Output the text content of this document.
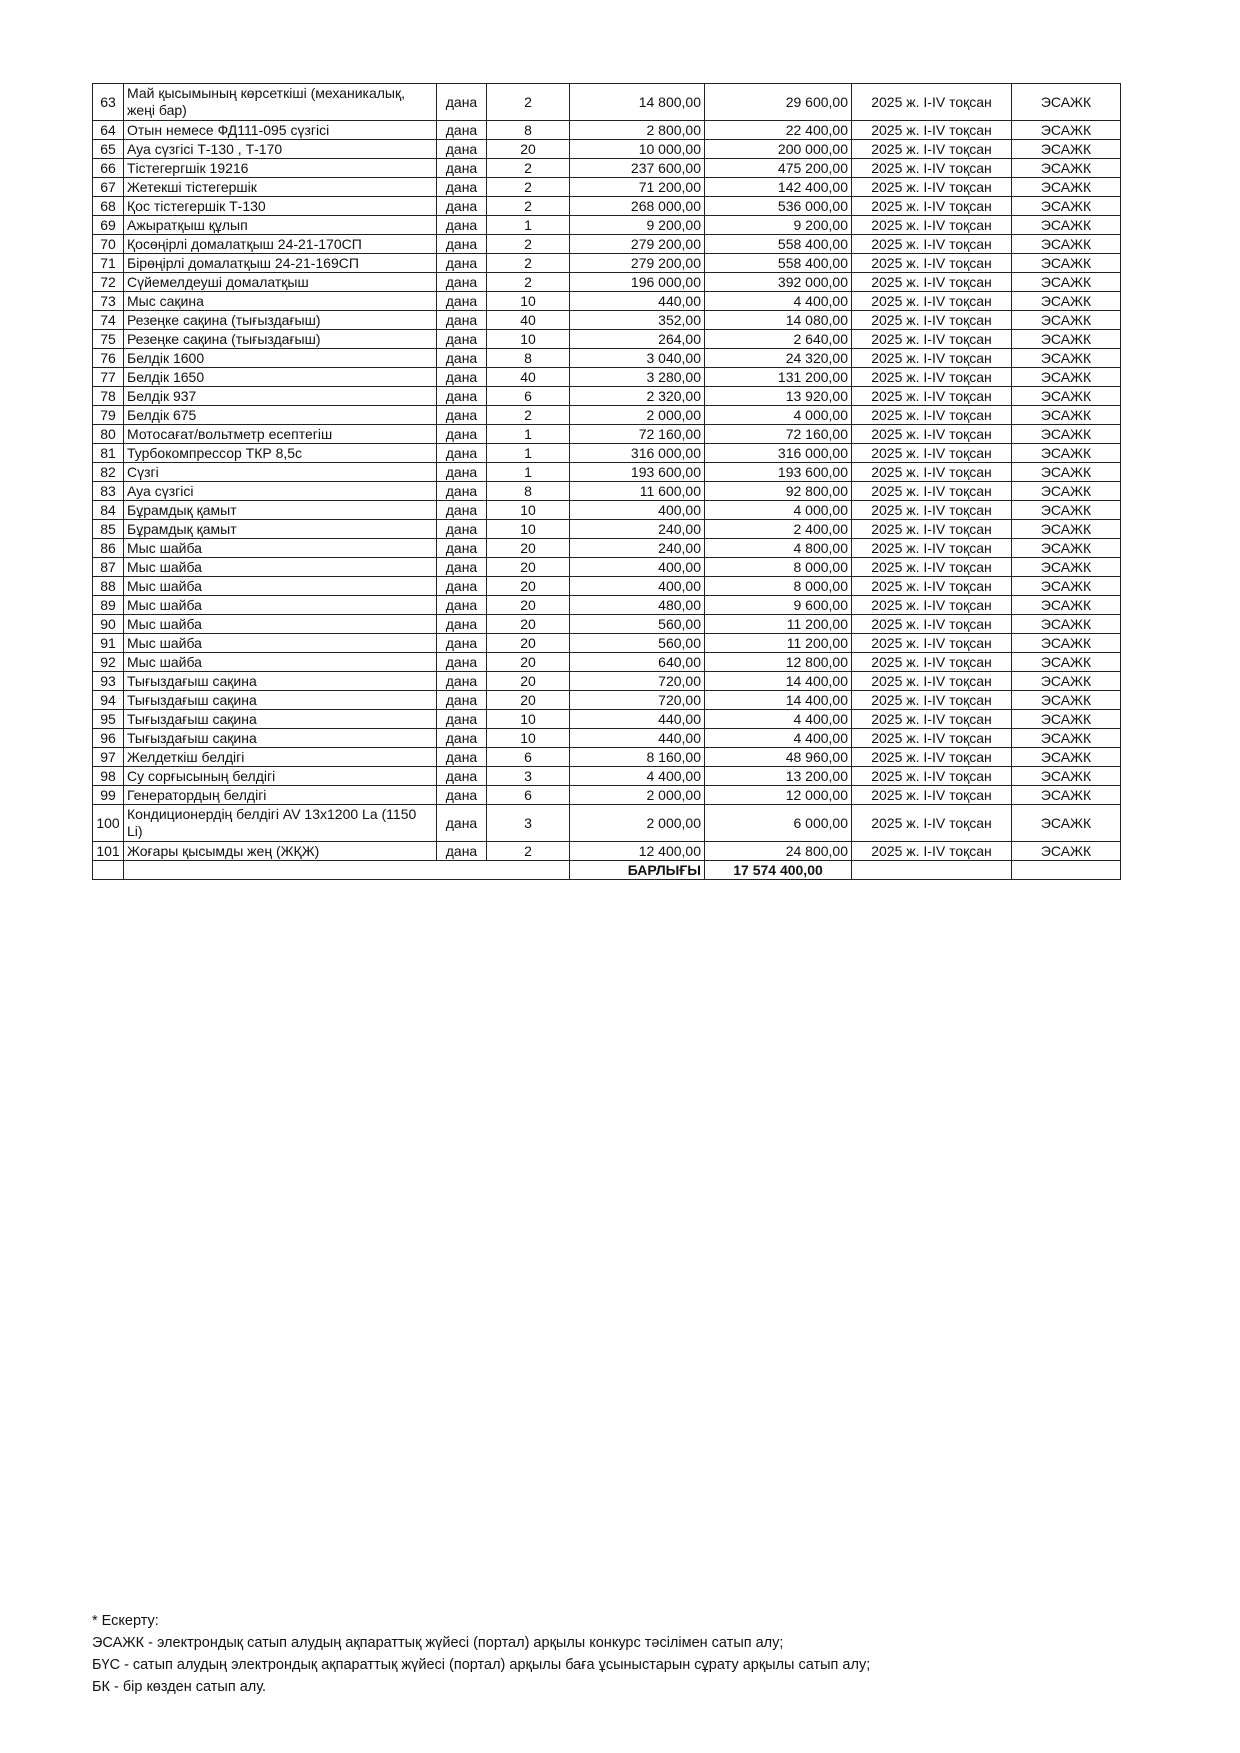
63	Май қысымының көрсеткіші (механикалық, жеңі бар)	дана	2	14 800,00	29 600,00	2025 ж. I-IV тоқсан	ЭСАЖК
64	Отын немесе ФД111-095 сүзгісі	дана	8	2 800,00	22 400,00	2025 ж. I-IV тоқсан	ЭСАЖК
65	Ауа сүзгісі Т-130 , Т-170	дана	20	10 000,00	200 000,00	2025 ж. I-IV тоқсан	ЭСАЖК
66	Тістегергшік 19216	дана	2	237 600,00	475 200,00	2025 ж. I-IV тоқсан	ЭСАЖК
67	Жетекші тістегершік	дана	2	71 200,00	142 400,00	2025 ж. I-IV тоқсан	ЭСАЖК
68	Қос тістегершік Т-130	дана	2	268 000,00	536 000,00	2025 ж. I-IV тоқсан	ЭСАЖК
69	Ажыратқыш құлып	дана	1	9 200,00	9 200,00	2025 ж. I-IV тоқсан	ЭСАЖК
70	Қосөңірлі домалатқыш 24-21-170СП	дана	2	279 200,00	558 400,00	2025 ж. I-IV тоқсан	ЭСАЖК
71	Бірөңірлі домалатқыш 24-21-169СП	дана	2	279 200,00	558 400,00	2025 ж. I-IV тоқсан	ЭСАЖК
72	Сүйемелдеуші домалатқыш	дана	2	196 000,00	392 000,00	2025 ж. I-IV тоқсан	ЭСАЖК
73	Мыс сақина	дана	10	440,00	4 400,00	2025 ж. I-IV тоқсан	ЭСАЖК
74	Резеңке сақина (тығыздағыш)	дана	40	352,00	14 080,00	2025 ж. I-IV тоқсан	ЭСАЖК
75	Резеңке сақина (тығыздағыш)	дана	10	264,00	2 640,00	2025 ж. I-IV тоқсан	ЭСАЖК
76	Белдік 1600	дана	8	3 040,00	24 320,00	2025 ж. I-IV тоқсан	ЭСАЖК
77	Белдік 1650	дана	40	3 280,00	131 200,00	2025 ж. I-IV тоқсан	ЭСАЖК
78	Белдік 937	дана	6	2 320,00	13 920,00	2025 ж. I-IV тоқсан	ЭСАЖК
79	Белдік 675	дана	2	2 000,00	4 000,00	2025 ж. I-IV тоқсан	ЭСАЖК
80	Мотосағат/вольтметр есептегіш	дана	1	72 160,00	72 160,00	2025 ж. I-IV тоқсан	ЭСАЖК
81	Турбокомпрессор ТКР 8,5с	дана	1	316 000,00	316 000,00	2025 ж. I-IV тоқсан	ЭСАЖК
82	Сүзгі	дана	1	193 600,00	193 600,00	2025 ж. I-IV тоқсан	ЭСАЖК
83	Ауа сүзгісі	дана	8	11 600,00	92 800,00	2025 ж. I-IV тоқсан	ЭСАЖК
84	Бұрамдық қамыт	дана	10	400,00	4 000,00	2025 ж. I-IV тоқсан	ЭСАЖК
85	Бұрамдық қамыт	дана	10	240,00	2 400,00	2025 ж. I-IV тоқсан	ЭСАЖК
86	Мыс шайба	дана	20	240,00	4 800,00	2025 ж. I-IV тоқсан	ЭСАЖК
87	Мыс шайба	дана	20	400,00	8 000,00	2025 ж. I-IV тоқсан	ЭСАЖК
88	Мыс шайба	дана	20	400,00	8 000,00	2025 ж. I-IV тоқсан	ЭСАЖК
89	Мыс шайба	дана	20	480,00	9 600,00	2025 ж. I-IV тоқсан	ЭСАЖК
90	Мыс шайба	дана	20	560,00	11 200,00	2025 ж. I-IV тоқсан	ЭСАЖК
91	Мыс шайба	дана	20	560,00	11 200,00	2025 ж. I-IV тоқсан	ЭСАЖК
92	Мыс шайба	дана	20	640,00	12 800,00	2025 ж. I-IV тоқсан	ЭСАЖК
93	Тығыздағыш сақина	дана	20	720,00	14 400,00	2025 ж. I-IV тоқсан	ЭСАЖК
94	Тығыздағыш сақина	дана	20	720,00	14 400,00	2025 ж. I-IV тоқсан	ЭСАЖК
95	Тығыздағыш сақина	дана	10	440,00	4 400,00	2025 ж. I-IV тоқсан	ЭСАЖК
96	Тығыздағыш сақина	дана	10	440,00	4 400,00	2025 ж. I-IV тоқсан	ЭСАЖК
97	Желдеткіш белдігі	дана	6	8 160,00	48 960,00	2025 ж. I-IV тоқсан	ЭСАЖК
98	Су сорғысының белдігі	дана	3	4 400,00	13 200,00	2025 ж. I-IV тоқсан	ЭСАЖК
99	Генератордың белдігі	дана	6	2 000,00	12 000,00	2025 ж. I-IV тоқсан	ЭСАЖК
100	Кондиционердің белдігі AV 13x1200 La (1150 Li)	дана	3	2 000,00	6 000,00	2025 ж. I-IV тоқсан	ЭСАЖК
101	Жоғары қысымды жең (ЖҚЖ)	дана	2	12 400,00	24 800,00	2025 ж. I-IV тоқсан	ЭСАЖК
				БАРЛЫҒЫ	17 574 400,00		
* Ескерту:
ЭСАЖК - электрондық сатып алудың ақпараттық жүйесі (портал) арқылы конкурс тәсілімен сатып алу;
БҮС - сатып алудың электрондық ақпараттық жүйесі (портал) арқылы баға ұсыныстарын сұрату арқылы сатып алу;
БК - бір көзден сатып алу.
